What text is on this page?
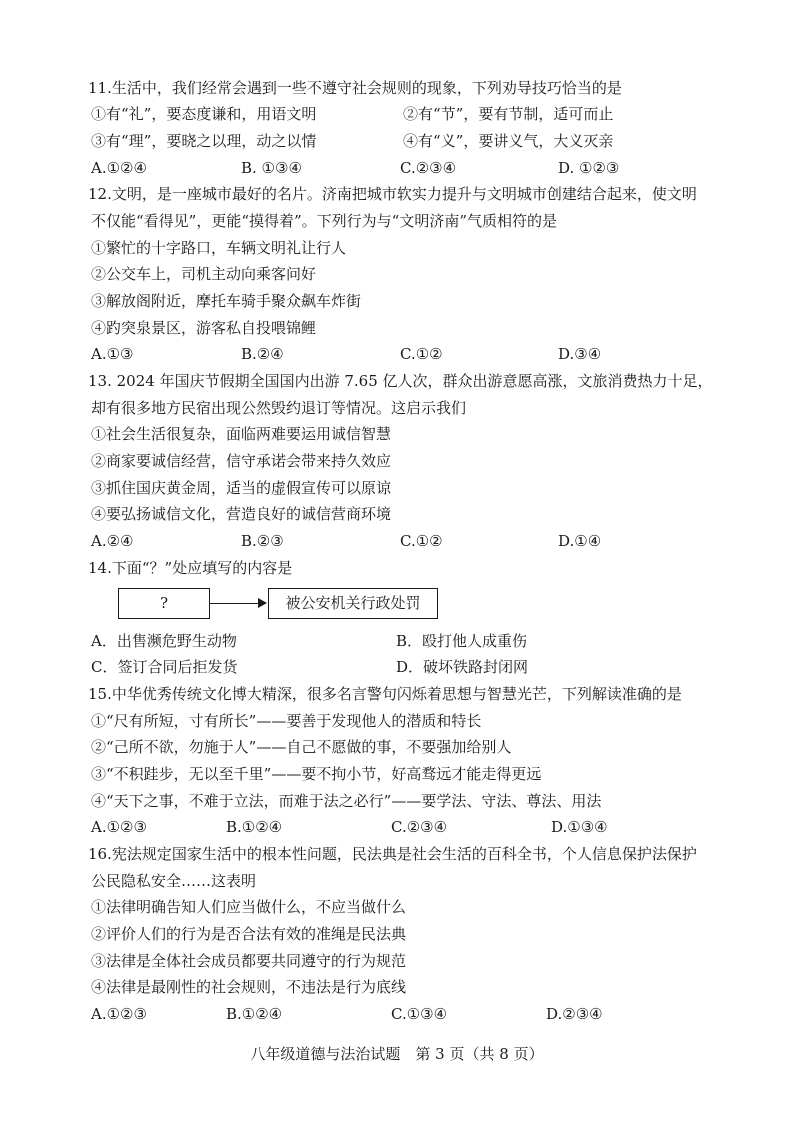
11.生活中，我们经常会遇到一些不遵守社会规则的现象，下列劝导技巧恰当的是
①有“礼”，要态度谦和，用语文明	②有“节”，要有节制，适可而止
③有“理”，要晓之以理，动之以情	④有“义”，要讲义气，大义灭亲
A.①②④	B. ①③④	C.②③④	D. ①②③
12.文明，是一座城市最好的名片。济南把城市软实力提升与文明城市创建结合起来，使文明
不仅能“看得见”，更能“摸得着”。下列行为与“文明济南”气质相符的是
①繁忙的十字路口，车辆文明礼让行人
②公交车上，司机主动向乘客问好
③解放阁附近，摩托车骑手聚众飙车炸街
④趵突泉景区，游客私自投喂锦鲤
A.①③	B.②④	C.①②	D.③④
13. 2024 年国庆节假期全国国内出游 7.65 亿人次，群众出游意愿高涨，文旅消费热力十足，
却有很多地方民宿出现公然毁约退订等情况。这启示我们
①社会生活很复杂，面临两难要运用诚信智慧
②商家要诚信经营，信守承诺会带来持久效应
③抓住国庆黄金周，适当的虚假宣传可以原谅
④要弘扬诚信文化，营造良好的诚信营商环境
A.②④	B.②③	C.①②	D.①④
14.下面“？”处应填写的内容是
?	被公安机关行政处罚
A．出售濒危野生动物	B．殴打他人成重伤
C．签订合同后拒发货	D．破坏铁路封闭网
15.中华优秀传统文化博大精深，很多名言警句闪烁着思想与智慧光芒，下列解读准确的是
①“尺有所短，寸有所长”——要善于发现他人的潜质和特长
②“己所不欲，勿施于人”——自己不愿做的事，不要强加给别人
③“不积跬步，无以至千里”——要不拘小节，好高骛远才能走得更远
④“天下之事，不难于立法，而难于法之必行”——要学法、守法、尊法、用法
A.①②③	B.①②④	C.②③④	D.①③④
16.宪法规定国家生活中的根本性问题，民法典是社会生活的百科全书，个人信息保护法保护
公民隐私安全……这表明
①法律明确告知人们应当做什么，不应当做什么
②评价人们的行为是否合法有效的准绳是民法典
③法律是全体社会成员都要共同遵守的行为规范
④法律是最刚性的社会规则，不违法是行为底线
A.①②③	B.①②④	C.①③④	D.②③④
八年级道德与法治试题　第 3 页（共 8 页）
